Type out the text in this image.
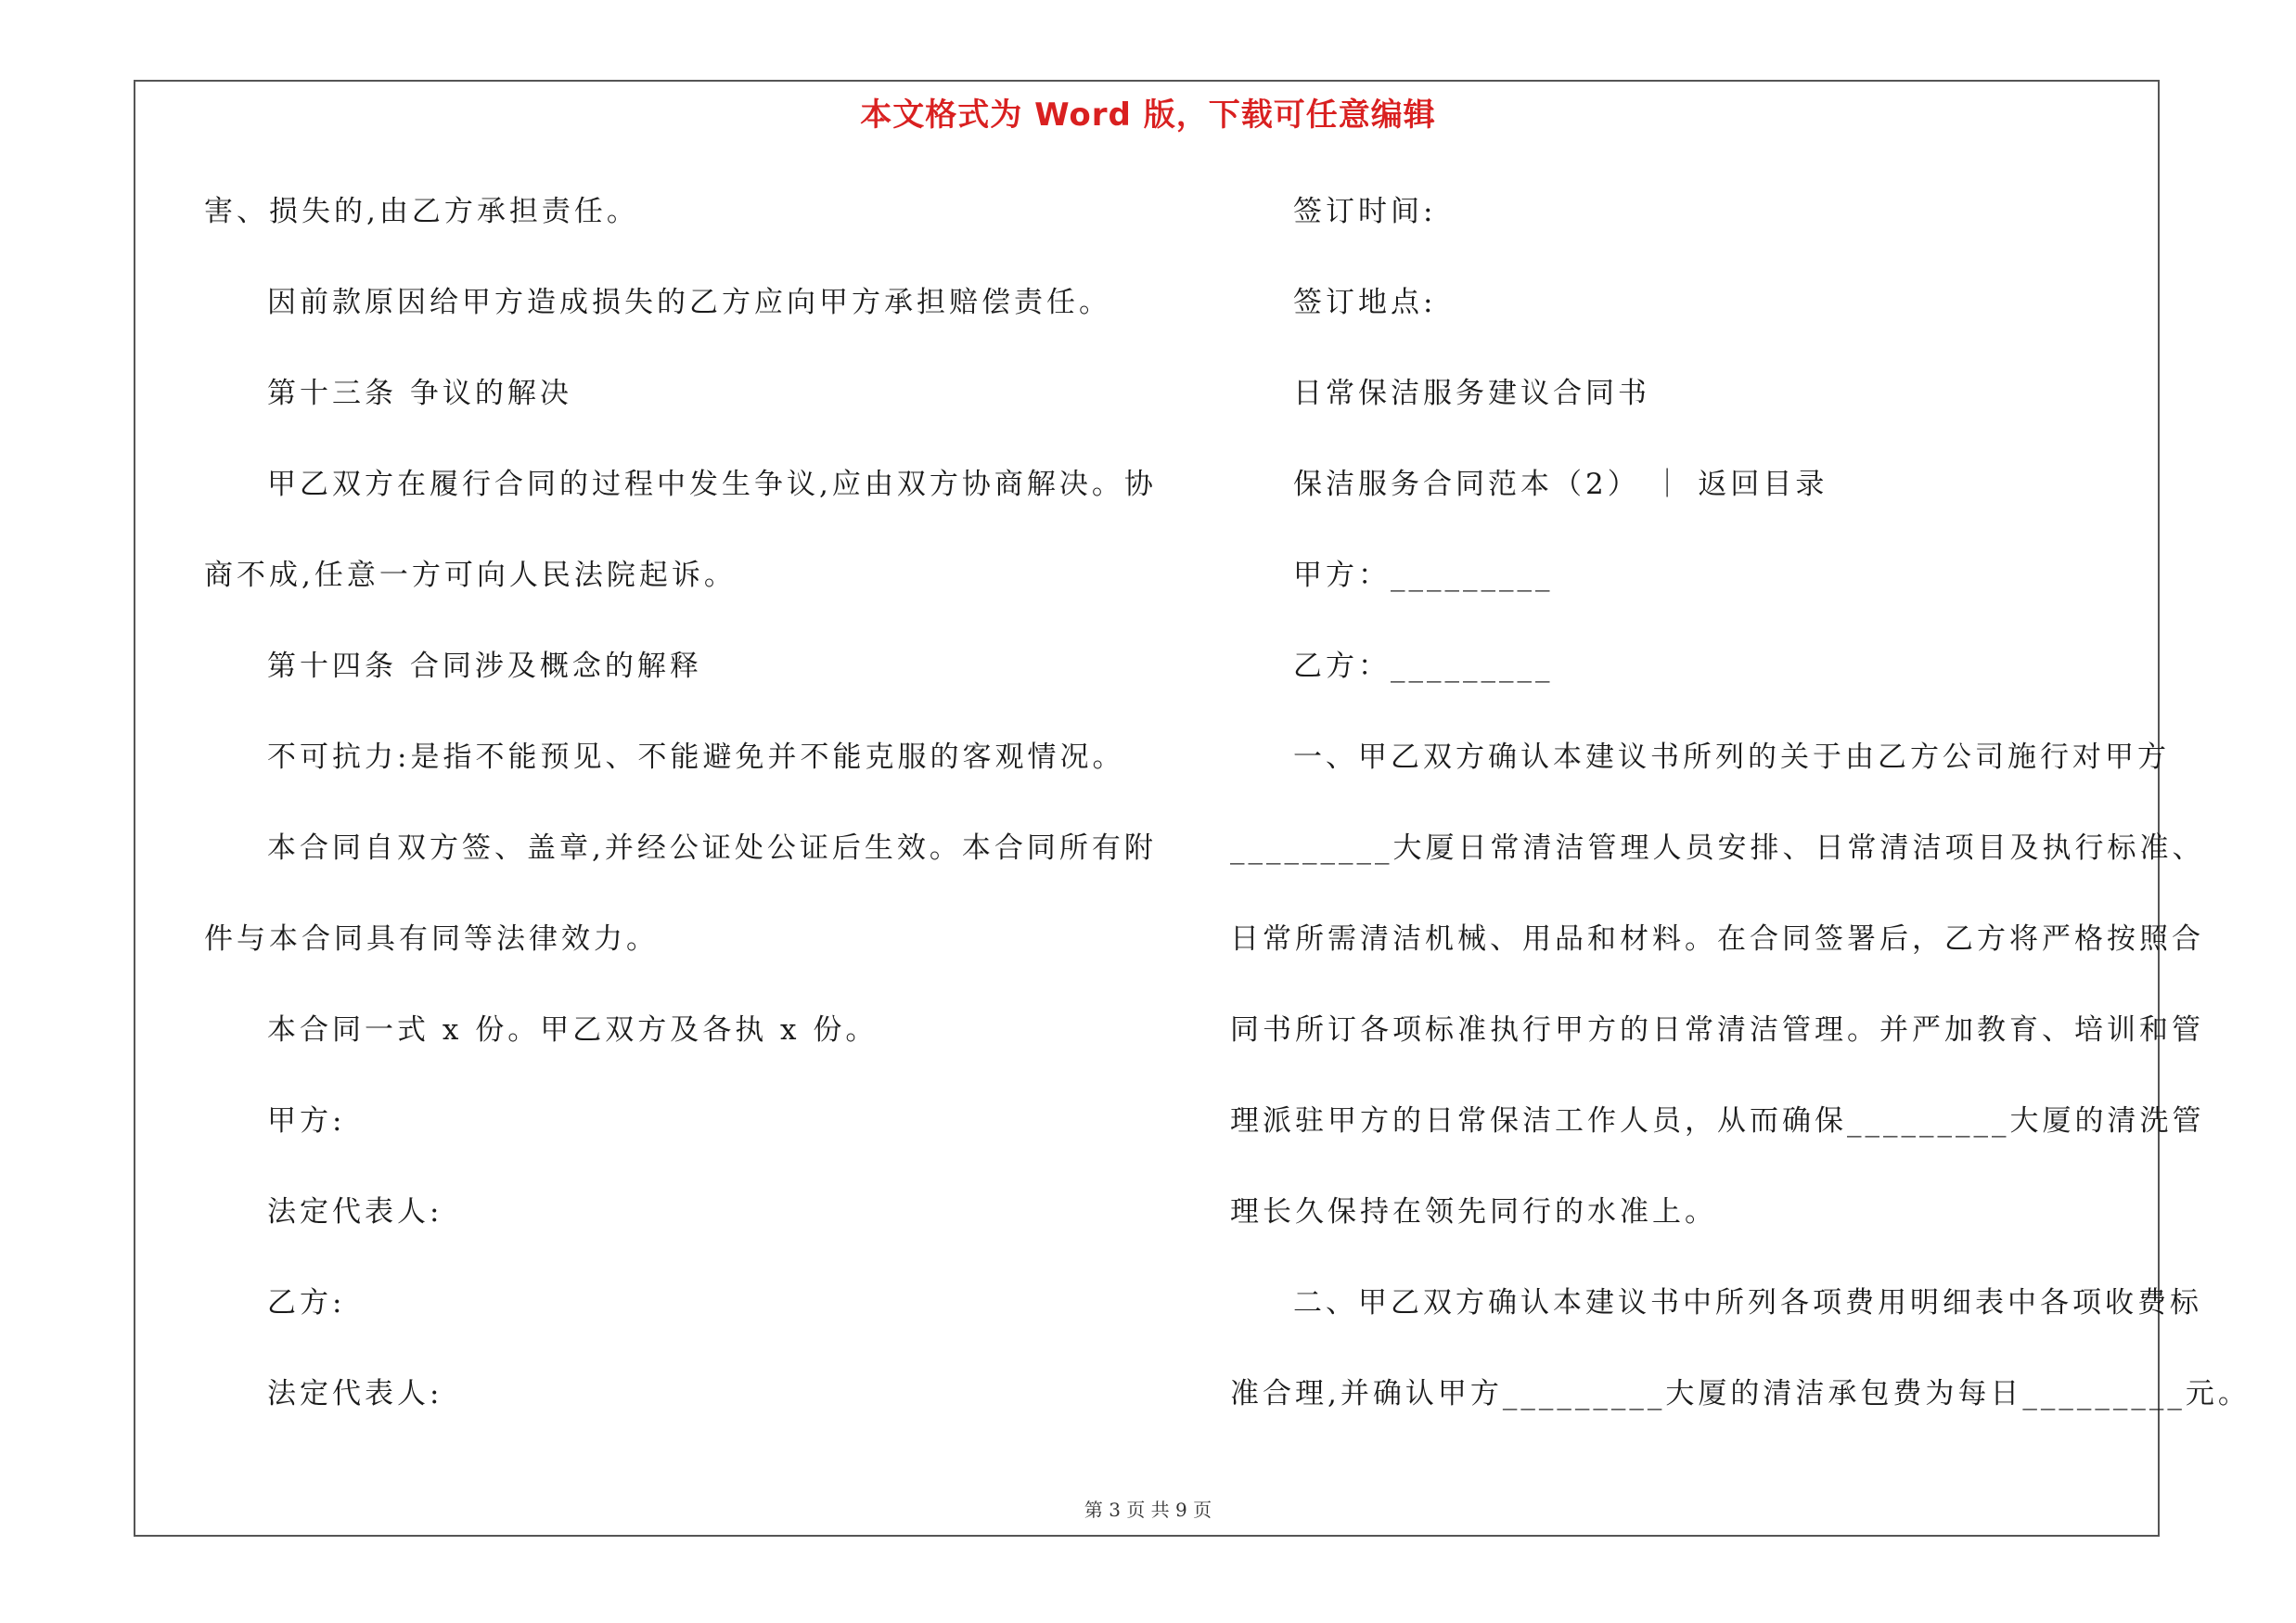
本文格式为 Word 版，下载可任意编辑
害、损失的,由乙方承担责任。
因前款原因给甲方造成损失的乙方应向甲方承担赔偿责任。
第十三条 争议的解决
甲乙双方在履行合同的过程中发生争议,应由双方协商解决。协
商不成,任意一方可向人民法院起诉。
第十四条 合同涉及概念的解释
不可抗力:是指不能预见、不能避免并不能克服的客观情况。
本合同自双方签、盖章,并经公证处公证后生效。本合同所有附
件与本合同具有同等法律效力。
本合同一式 x 份。甲乙双方及各执 x 份。
甲方:
法定代表人:
乙方:
法定代表人:
签订时间:
签订地点:
日常保洁服务建议合同书
保洁服务合同范本（2） ｜ 返回目录
甲方：_________
乙方：_________
一、甲乙双方确认本建议书所列的关于由乙方公司施行对甲方
_________大厦日常清洁管理人员安排、日常清洁项目及执行标准、
日常所需清洁机械、用品和材料。在合同签署后，乙方将严格按照合
同书所订各项标准执行甲方的日常清洁管理。并严加教育、培训和管
理派驻甲方的日常保洁工作人员，从而确保_________大厦的清洗管
理长久保持在领先同行的水准上。
二、甲乙双方确认本建议书中所列各项费用明细表中各项收费标
准合理,并确认甲方_________大厦的清洁承包费为每日_________元。
第 3 页 共 9 页
